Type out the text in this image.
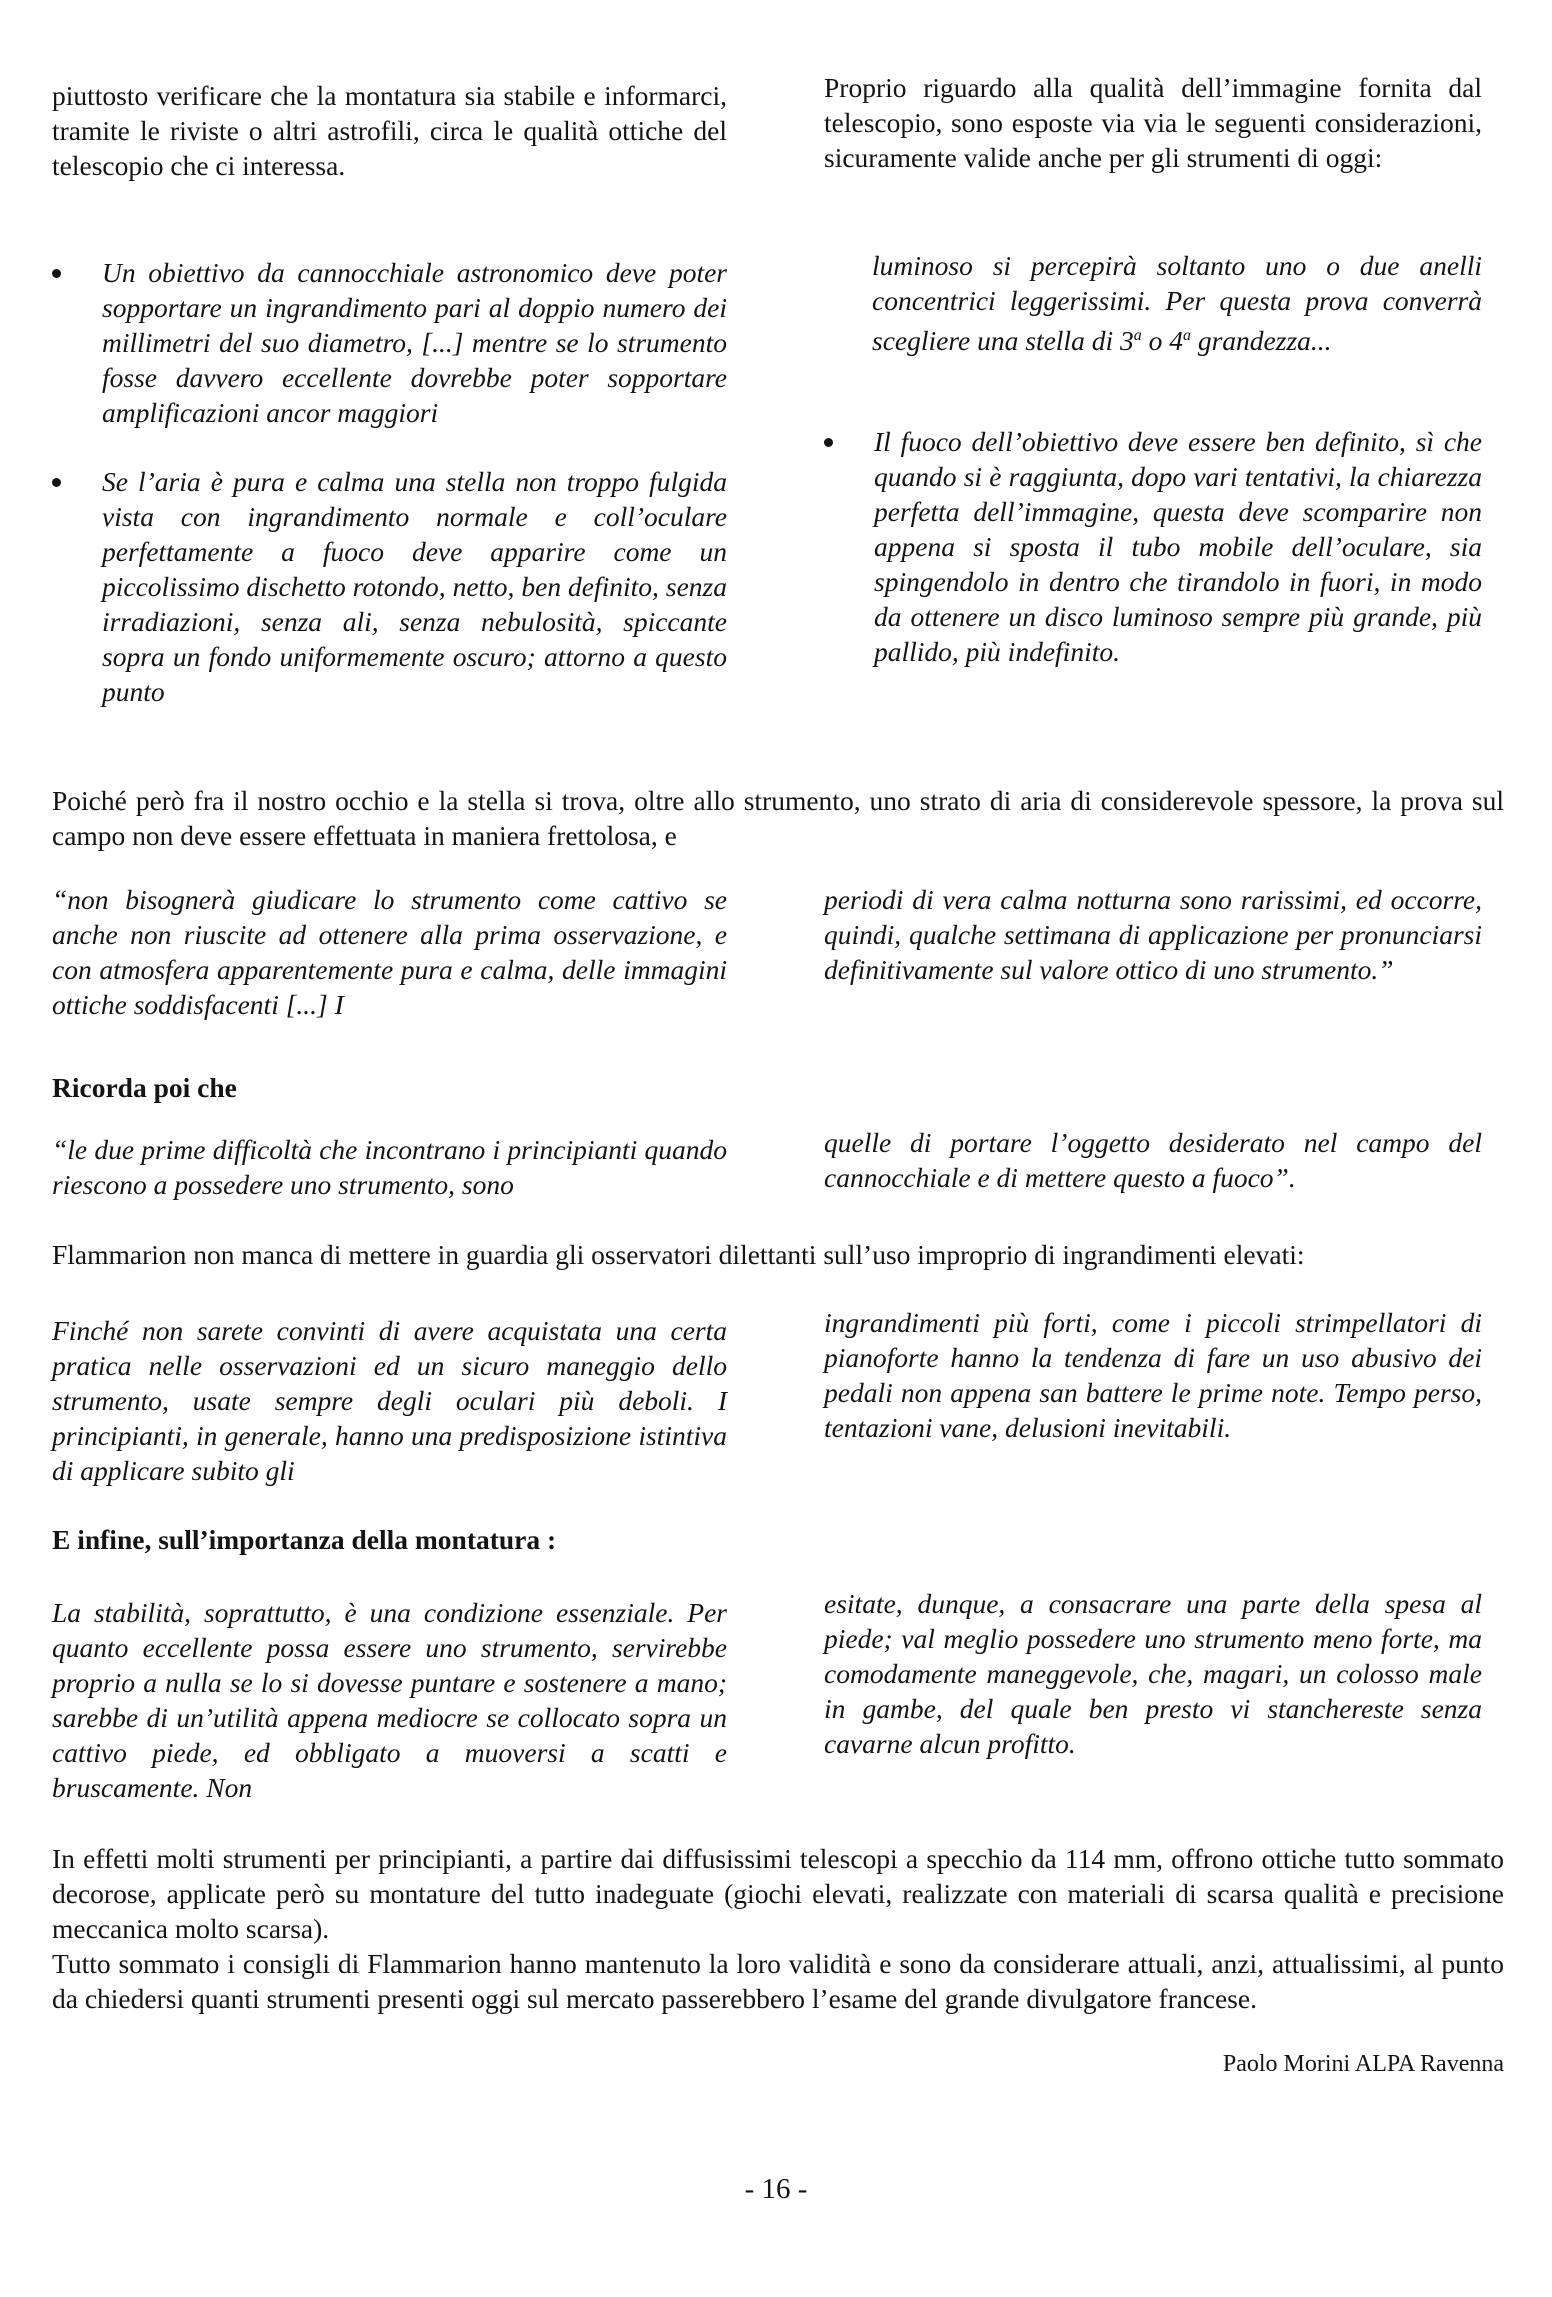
piuttosto verificare che la montatura sia stabile e informarci, tramite le riviste o altri astrofili, circa le qualità ottiche del telescopio che ci interessa.

Proprio riguardo alla qualità dell’immagine fornita dal telescopio, sono esposte via via le seguenti considerazioni, sicuramente valide anche per gli strumenti di oggi:

Un obiettivo da cannocchiale astronomico deve poter sopportare un ingrandimento pari al doppio numero dei millimetri del suo diametro, [...] mentre se lo strumento fosse davvero eccellente dovrebbe poter sopportare amplificazioni ancor maggiori
Se l’aria è pura e calma una stella non troppo fulgida vista con ingrandimento normale e coll’oculare perfettamente a fuoco deve apparire come un piccolissimo dischetto rotondo, netto, ben definito, senza irradiazioni, senza ali, senza nebulosità, spiccante sopra un fondo uniformemente oscuro; attorno a questo punto

luminoso si percepirà soltanto uno o due anelli concentrici leggerissimi. Per questa prova converrà scegliere una stella di 3$^a$ o 4$^a$ grandezza...

Il fuoco dell’obiettivo deve essere ben definito, sì che quando si è raggiunta, dopo vari tentativi, la chiarezza perfetta dell’immagine, questa deve scomparire non appena si sposta il tubo mobile dell’oculare, sia spingendolo in dentro che tirandolo in fuori, in modo da ottenere un disco luminoso sempre più grande, più pallido, più indefinito.

Poiché però fra il nostro occhio e la stella si trova, oltre allo strumento, uno strato di aria di considerevole spessore, la prova sul campo non deve essere effettuata in maniera frettolosa, e

“non bisognerà giudicare lo strumento come cattivo se anche non riuscite ad ottenere alla prima osservazione, e con atmosfera apparentemente pura e calma, delle immagini ottiche soddisfacenti [...] I

periodi di vera calma notturna sono rarissimi, ed occorre, quindi, qualche settimana di applicazione per pronunciarsi definitivamente sul valore ottico di uno strumento.”

Ricorda poi che

“le due prime difficoltà che incontrano i principianti quando riescono a possedere uno strumento, sono

quelle di portare l’oggetto desiderato nel campo del cannocchiale e di mettere questo a fuoco”.

Flammarion non manca di mettere in guardia gli osservatori dilettanti sull’uso improprio di ingrandimenti elevati:

Finché non sarete convinti di avere acquistata una certa pratica nelle osservazioni ed un sicuro maneggio dello strumento, usate sempre degli oculari più deboli. I principianti, in generale, hanno una predisposizione istintiva di applicare subito gli

ingrandimenti più forti, come i piccoli strimpellatori di pianoforte hanno la tendenza di fare un uso abusivo dei pedali non appena san battere le prime note. Tempo perso, tentazioni vane, delusioni inevitabili.

E infine, sull’importanza della montatura :

La stabilità, soprattutto, è una condizione essenziale. Per quanto eccellente possa essere uno strumento, servirebbe proprio a nulla se lo si dovesse puntare e sostenere a mano; sarebbe di un’utilità appena mediocre se collocato sopra un cattivo piede, ed obbligato a muoversi a scatti e bruscamente. Non

esitate, dunque, a consacrare una parte della spesa al piede; val meglio possedere uno strumento meno forte, ma comodamente maneggevole, che, magari, un colosso male in gambe, del quale ben presto vi stanchereste senza cavarne alcun profitto.

In effetti molti strumenti per principianti, a partire dai diffusissimi telescopi a specchio da 114 mm, offrono ottiche tutto sommato decorose, applicate però su montature del tutto inadeguate (giochi elevati, realizzate con materiali di scarsa qualità e precisione meccanica molto scarsa).

Tutto sommato i consigli di Flammarion hanno mantenuto la loro validità e sono da considerare attuali, anzi, attualissimi, al punto da chiedersi quanti strumenti presenti oggi sul mercato passerebbero l’esame del grande divulgatore francese.

Paolo Morini ALPA Ravenna
- 16 -
